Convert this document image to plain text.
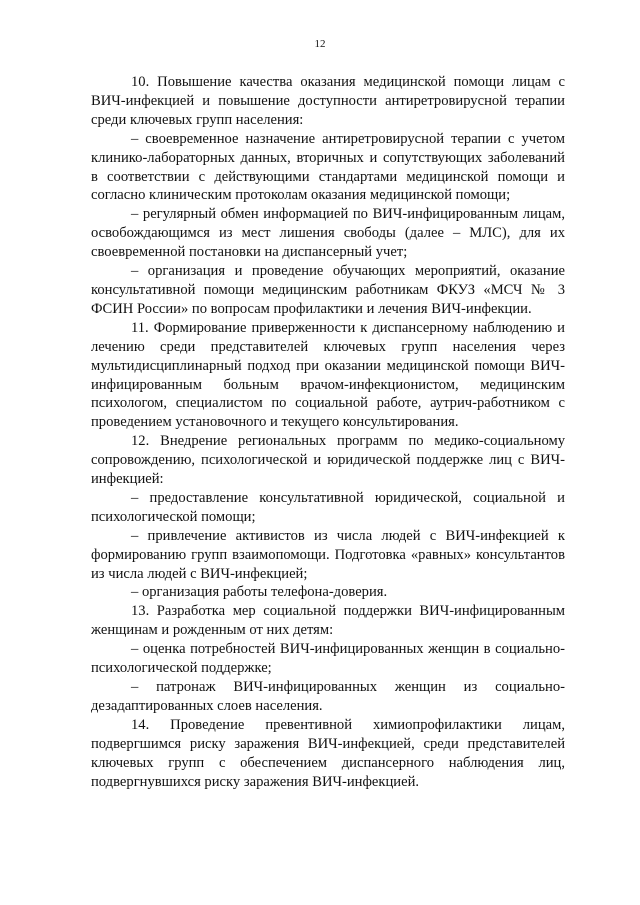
12

10. Повышение качества оказания медицинской помощи лицам с ВИЧ-инфекцией и повышение доступности антиретровирусной терапии среди ключевых групп населения:

– своевременное назначение антиретровирусной терапии с учетом клинико-лабораторных данных, вторичных и сопутствующих заболеваний в соответствии с действующими стандартами медицинской помощи и согласно клиническим протоколам оказания медицинской помощи;

– регулярный обмен информацией по ВИЧ-инфицированным лицам, освобождающимся из мест лишения свободы (далее – МЛС), для их своевременной постановки на диспансерный учет;

– организация и проведение обучающих мероприятий, оказание консультативной помощи медицинским работникам ФКУЗ «МСЧ № 3 ФСИН России» по вопросам профилактики и лечения ВИЧ-инфекции.

11. Формирование приверженности к диспансерному наблюдению и лечению среди представителей ключевых групп населения через мультидисциплинарный подход при оказании медицинской помощи ВИЧ-инфицированным больным врачом-инфекционистом, медицинским психологом, специалистом по социальной работе, аутрич-работником с проведением установочного и текущего консультирования.

12. Внедрение региональных программ по медико-социальному сопровождению, психологической и юридической поддержке лиц с ВИЧ-инфекцией:

– предоставление консультативной юридической, социальной и психологической помощи;

– привлечение активистов из числа людей с ВИЧ-инфекцией к формированию групп взаимопомощи. Подготовка «равных» консультантов из числа людей с ВИЧ-инфекцией;

– организация работы телефона-доверия.

13. Разработка мер социальной поддержки ВИЧ-инфицированным женщинам и рожденным от них детям:

– оценка потребностей ВИЧ-инфицированных женщин в социально-психологической поддержке;

– патронаж ВИЧ-инфицированных женщин из социально-дезадаптированных слоев населения.

14. Проведение превентивной химиопрофилактики лицам, подвергшимся риску заражения ВИЧ-инфекцией, среди представителей ключевых групп с обеспечением диспансерного наблюдения лиц, подвергнувшихся риску заражения ВИЧ-инфекцией.
